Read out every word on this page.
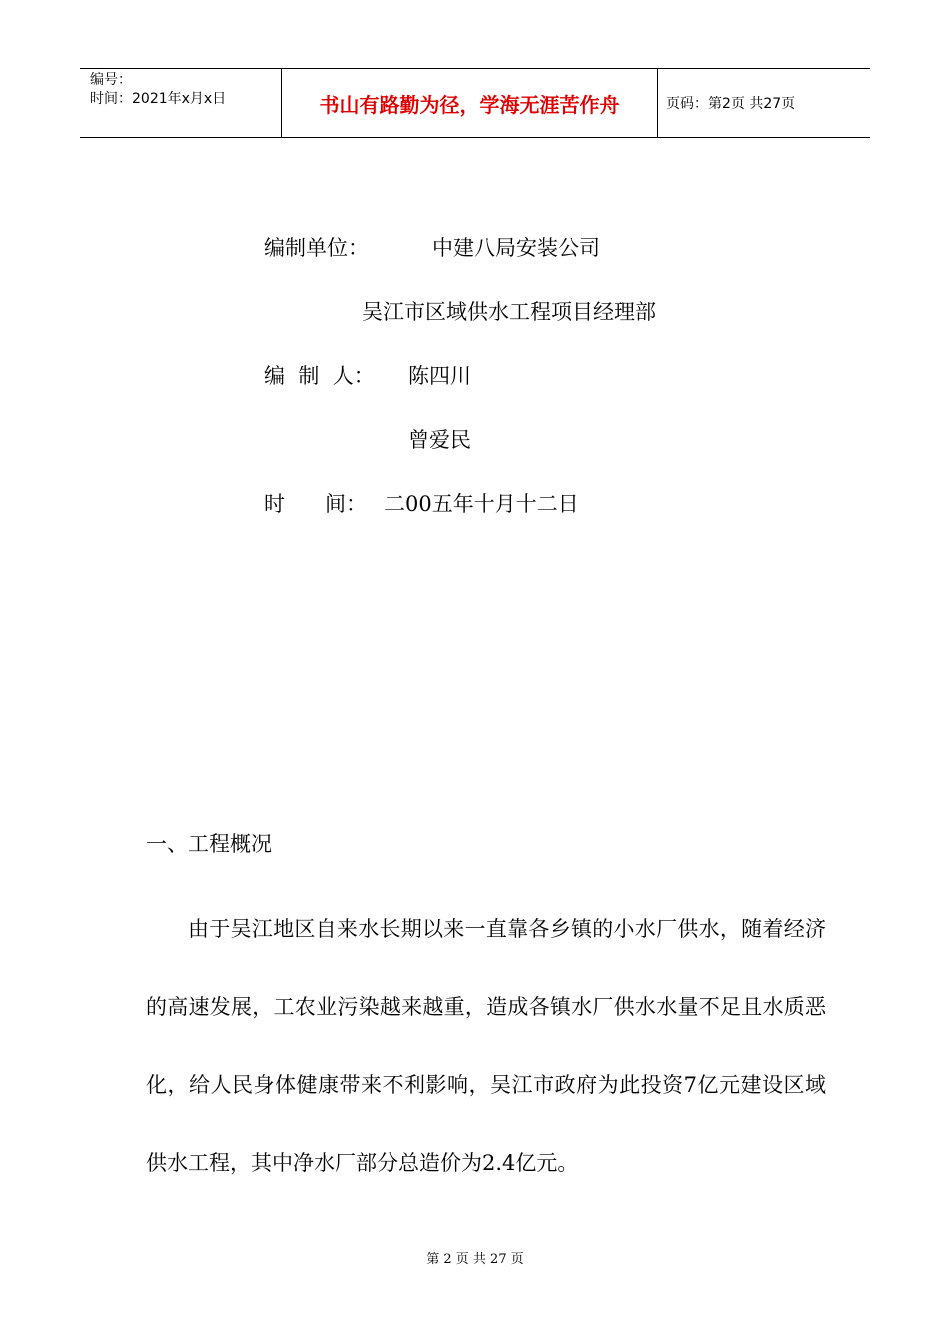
编号：
时间：2021年x月x日	书山有路勤为径，学海无涯苦作舟	页码：第2页 共27页
编制单位：	中建八局安装公司
吴江市区域供水工程项目经理部
编  制  人： 陈四川
曾爱民
时      间： 二00五年十月十二日
一、工程概况
由于吴江地区自来水长期以来一直靠各乡镇的小水厂供水，随着经济的高速发展，工农业污染越来越重，造成各镇水厂供水水量不足且水质恶化，给人民身体健康带来不利影响，吴江市政府为此投资7亿元建设区域供水工程，其中净水厂部分总造价为2.4亿元。
第 2 页 共 27 页
